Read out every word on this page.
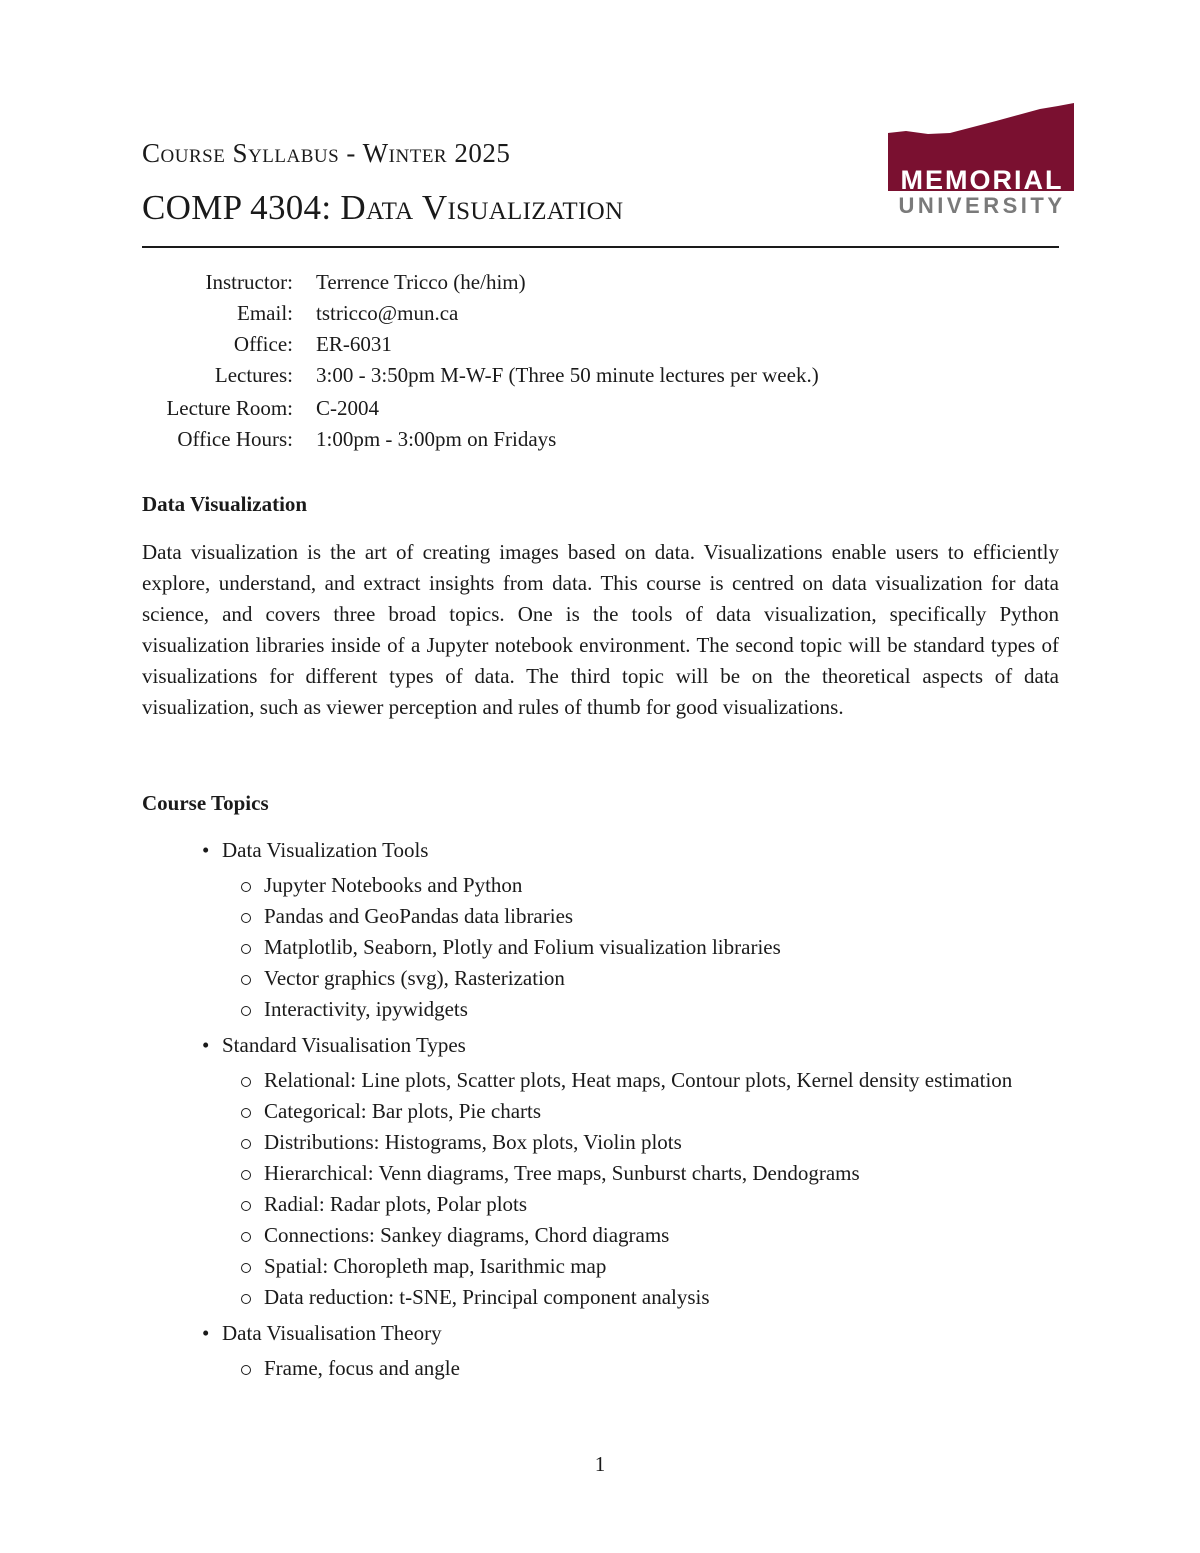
Course Syllabus - Winter 2025
COMP 4304: Data Visualization
MEMORIAL
UNIVERSITY
Instructor: Terrence Tricco (he/him)
Email: tstricco@mun.ca
Office: ER-6031
Lectures: 3:00 - 3:50pm M-W-F (Three 50 minute lectures per week.)
Lecture Room: C-2004
Office Hours: 1:00pm - 3:00pm on Fridays
Data Visualization

Data visualization is the art of creating images based on data. Visualizations enable users to efficiently explore, understand, and extract insights from data. This course is centred on data visualization for data science, and covers three broad topics. One is the tools of data visualization, specifically Python visualization libraries inside of a Jupyter notebook environment. The second topic will be standard types of visualizations for different types of data. The third topic will be on the theoretical aspects of data visualization, such as viewer perception and rules of thumb for good visualizations.

Course Topics
• Data Visualization Tools
Jupyter Notebooks and Python
Pandas and GeoPandas data libraries
Matplotlib, Seaborn, Plotly and Folium visualization libraries
Vector graphics (svg), Rasterization
Interactivity, ipywidgets
• Standard Visualisation Types
Relational: Line plots, Scatter plots, Heat maps, Contour plots, Kernel density estimation
Categorical: Bar plots, Pie charts
Distributions: Histograms, Box plots, Violin plots
Hierarchical: Venn diagrams, Tree maps, Sunburst charts, Dendograms
Radial: Radar plots, Polar plots
Connections: Sankey diagrams, Chord diagrams
Spatial: Choropleth map, Isarithmic map
Data reduction: t-SNE, Principal component analysis
• Data Visualisation Theory
Frame, focus and angle
1
